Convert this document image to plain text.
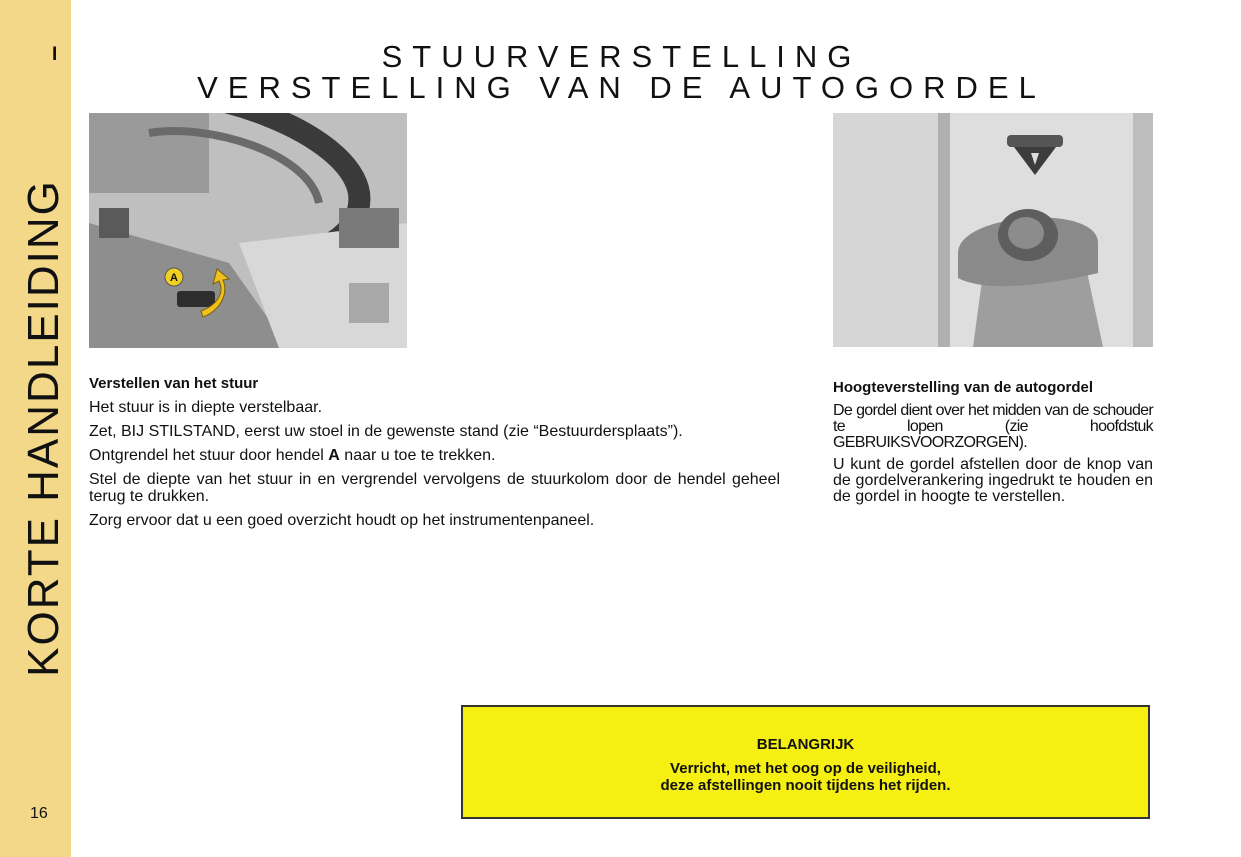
I
KORTE HANDLEIDING
16
STUURVERSTELLING
VERSTELLING VAN DE AUTOGORDEL
A
Verstellen van het stuur

Het stuur is in diepte verstelbaar.

Zet, BIJ STILSTAND, eerst uw stoel in de gewenste stand (zie “Bestuurdersplaats”).

Ontgrendel het stuur door hendel A naar u toe te trekken.

Stel de diepte van het stuur in en vergrendel vervolgens de stuurkolom door de hendel geheel terug te drukken.

Zorg ervoor dat u een goed overzicht houdt op het instrumentenpaneel.

Hoogteverstelling van de autogordel

De gordel dient over het midden van de schouder te lopen (zie hoofdstuk GEBRUIKSVOORZORGEN).

U kunt de gordel afstellen door de knop van de gordelverankering ingedrukt te houden en de gordel in hoogte te verstellen.

BELANGRIJK
Verricht, met het oog op de veiligheid,
deze afstellingen nooit tijdens het rijden.
